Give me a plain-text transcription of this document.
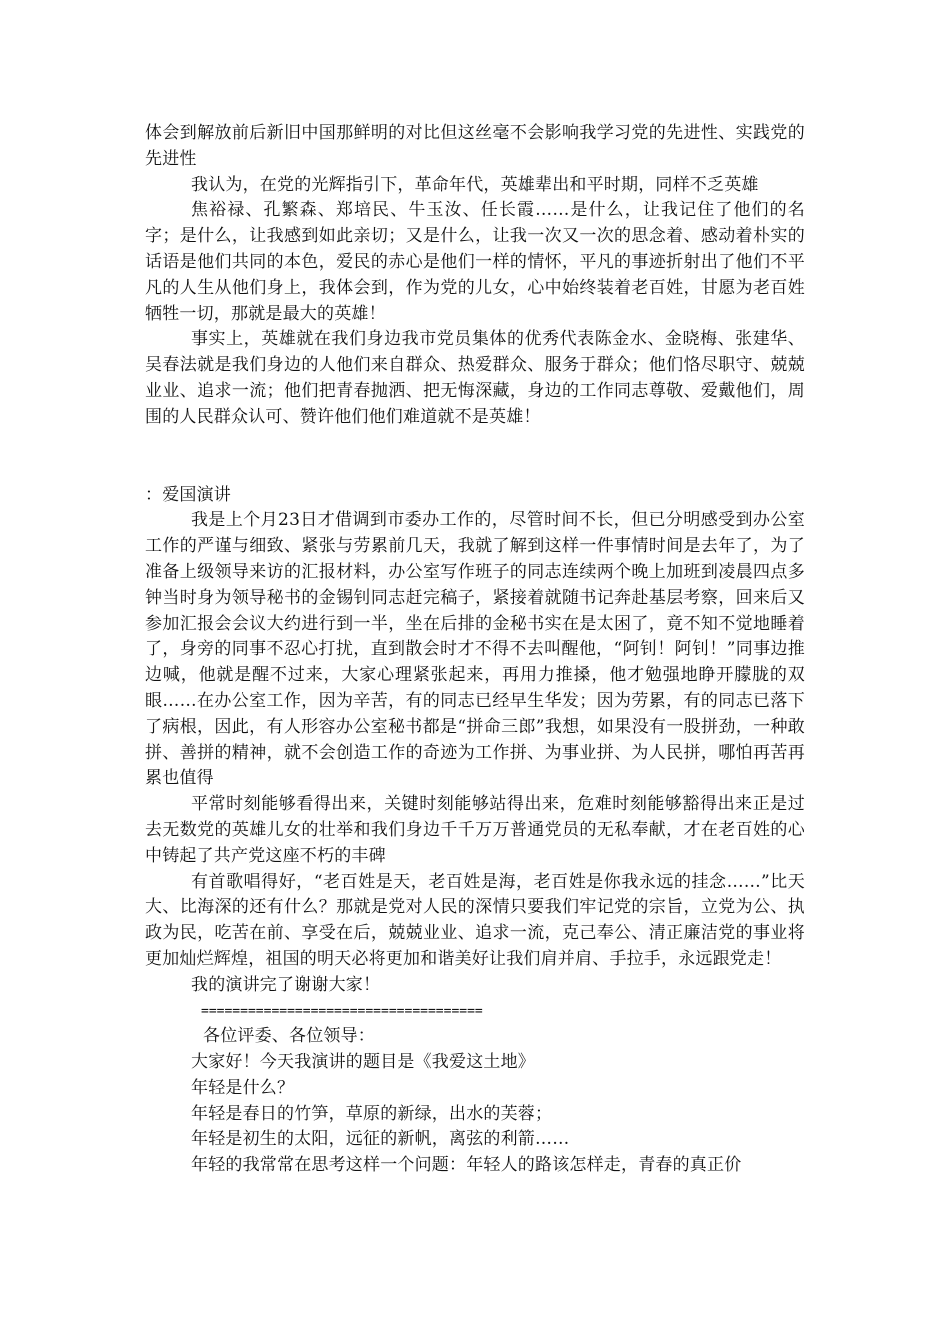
体会到解放前后新旧中国那鲜明的对比但这丝毫不会影响我学习党的先进性、实践党的先进性

我认为，在党的光辉指引下，革命年代，英雄辈出和平时期，同样不乏英雄

焦裕禄、孔繁森、郑培民、牛玉汝、任长霞……是什么，让我记住了他们的名字；是什么，让我感到如此亲切；又是什么，让我一次又一次的思念着、感动着朴实的话语是他们共同的本色，爱民的赤心是他们一样的情怀，平凡的事迹折射出了他们不平凡的人生从他们身上，我体会到，作为党的儿女，心中始终装着老百姓，甘愿为老百姓牺牲一切，那就是最大的英雄！

事实上，英雄就在我们身边我市党员集体的优秀代表陈金水、金晓梅、张建华、吴春法就是我们身边的人他们来自群众、热爱群众、服务于群众；他们恪尽职守、兢兢业业、追求一流；他们把青春抛洒、把无悔深藏，身边的工作同志尊敬、爱戴他们，周围的人民群众认可、赞许他们他们难道就不是英雄！

：爱国演讲

我是上个月23日才借调到市委办工作的，尽管时间不长，但已分明感受到办公室工作的严谨与细致、紧张与劳累前几天，我就了解到这样一件事情时间是去年了，为了准备上级领导来访的汇报材料，办公室写作班子的同志连续两个晚上加班到凌晨四点多钟当时身为领导秘书的金锡钊同志赶完稿子，紧接着就随书记奔赴基层考察，回来后又参加汇报会会议大约进行到一半，坐在后排的金秘书实在是太困了，竟不知不觉地睡着了，身旁的同事不忍心打扰，直到散会时才不得不去叫醒他，“阿钊！阿钊！”同事边推边喊，他就是醒不过来，大家心理紧张起来，再用力推搡，他才勉强地睁开朦胧的双眼……在办公室工作，因为辛苦，有的同志已经早生华发；因为劳累，有的同志已落下了病根，因此，有人形容办公室秘书都是“拼命三郎”我想，如果没有一股拼劲，一种敢拼、善拼的精神，就不会创造工作的奇迹为工作拼、为事业拼、为人民拼，哪怕再苦再累也值得

平常时刻能够看得出来，关键时刻能够站得出来，危难时刻能够豁得出来正是过去无数党的英雄儿女的壮举和我们身边千千万万普通党员的无私奉献，才在老百姓的心中铸起了共产党这座不朽的丰碑

有首歌唱得好，“老百姓是天，老百姓是海，老百姓是你我永远的挂念……”比天大、比海深的还有什么？那就是党对人民的深情只要我们牢记党的宗旨，立党为公、执政为民，吃苦在前、享受在后，兢兢业业、追求一流，克己奉公、清正廉洁党的事业将更加灿烂辉煌，祖国的明天必将更加和谐美好让我们肩并肩、手拉手，永远跟党走！

我的演讲完了谢谢大家！

====================================

各位评委、各位领导：

大家好！今天我演讲的题目是《我爱这土地》

年轻是什么？

年轻是春日的竹笋，草原的新绿，出水的芙蓉；

年轻是初生的太阳，远征的新帆，离弦的利箭……

年轻的我常常在思考这样一个问题：年轻人的路该怎样走，青春的真正价
